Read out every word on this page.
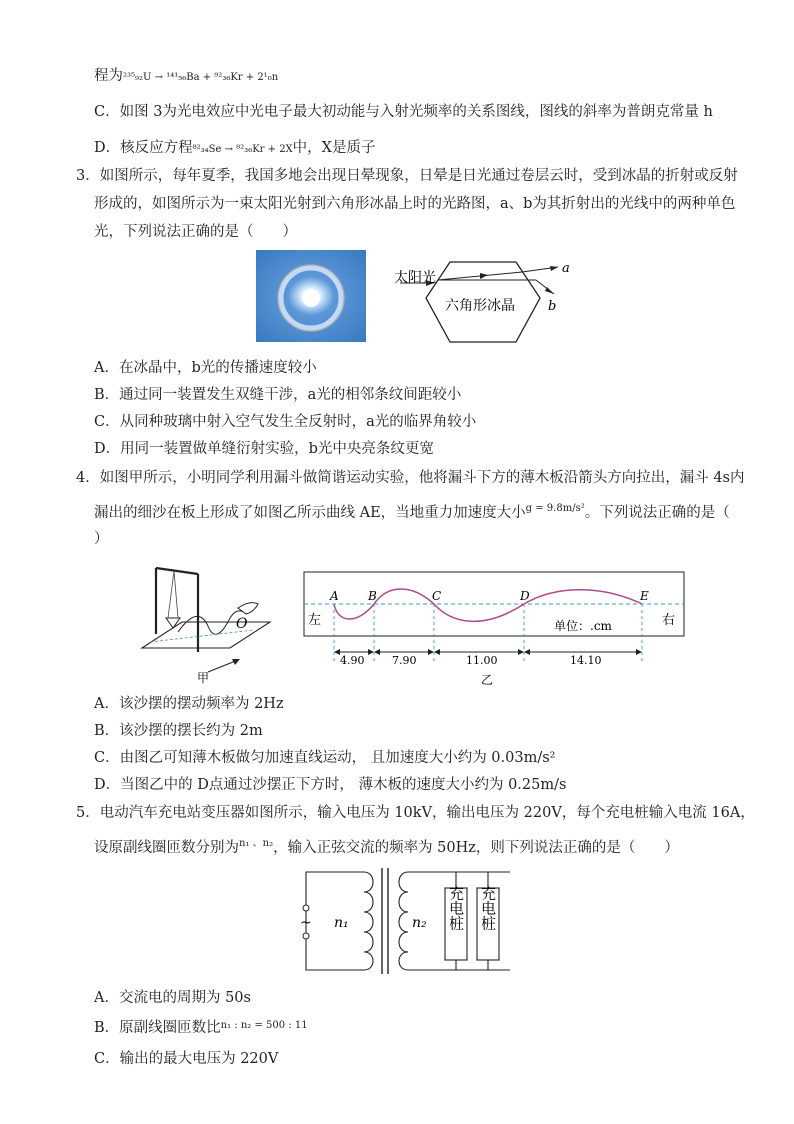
程为²³⁵₉₂U → ¹⁴¹₅₆Ba + ⁹²₃₆Kr + 2¹₀n
C．如图 3为光电效应中光电子最大初动能与入射光频率的关系图线，图线的斜率为普朗克常量 h
D．核反应方程⁸²₃₄Se → ⁸²₃₆Kr + 2X中，X是质子
3．如图所示，每年夏季，我国多地会出现日晕现象，日晕是日光通过卷层云时，受到冰晶的折射或反射
形成的，如图所示为一束太阳光射到六角形冰晶上时的光路图，a、b为其折射出的光线中的两种单色
光，下列说法正确的是（　　）
太阳光
六角形冰晶
a
b
A．在冰晶中，b光的传播速度较小
B．通过同一装置发生双缝干涉，a光的相邻条纹间距较小
C．从同种玻璃中射入空气发生全反射时，a光的临界角较小
D．用同一装置做单缝衍射实验，b光中央亮条纹更宽
4．如图甲所示，小明同学利用漏斗做简谐运动实验，他将漏斗下方的薄木板沿箭头方向拉出，漏斗 4s内
漏出的细沙在板上形成了如图乙所示曲线 AE，当地重力加速度大小$^{g = 9.8m/s^2}$。下列说法正确的是（
）
O
甲
A B	C	D	E
左	右
单位：.cm
4.90	7.90	11.00	14.10
乙
A．该沙摆的摆动频率为 2Hz
B．该沙摆的摆长约为 2m
C．由图乙可知薄木板做匀加速直线运动， 且加速度大小约为 0.03m/s²
D．当图乙中的 D点通过沙摆正下方时， 薄木板的速度大小约为 0.25m/s
5．电动汽车充电站变压器如图所示，输入电压为 10kV，输出电压为 220V，每个充电桩输入电流 16A，
设原副线圈匝数分别为$^{n_1 、n_2}$，输入正弦交流的频率为 50Hz，则下列说法正确的是（　　）
~ n₁	n₂ 充电桩 充电桩
A．交流电的周期为 50s
B．原副线圈匝数比$^{n_1 : n_2 = 500 : 11}$
C．输出的最大电压为 220V
